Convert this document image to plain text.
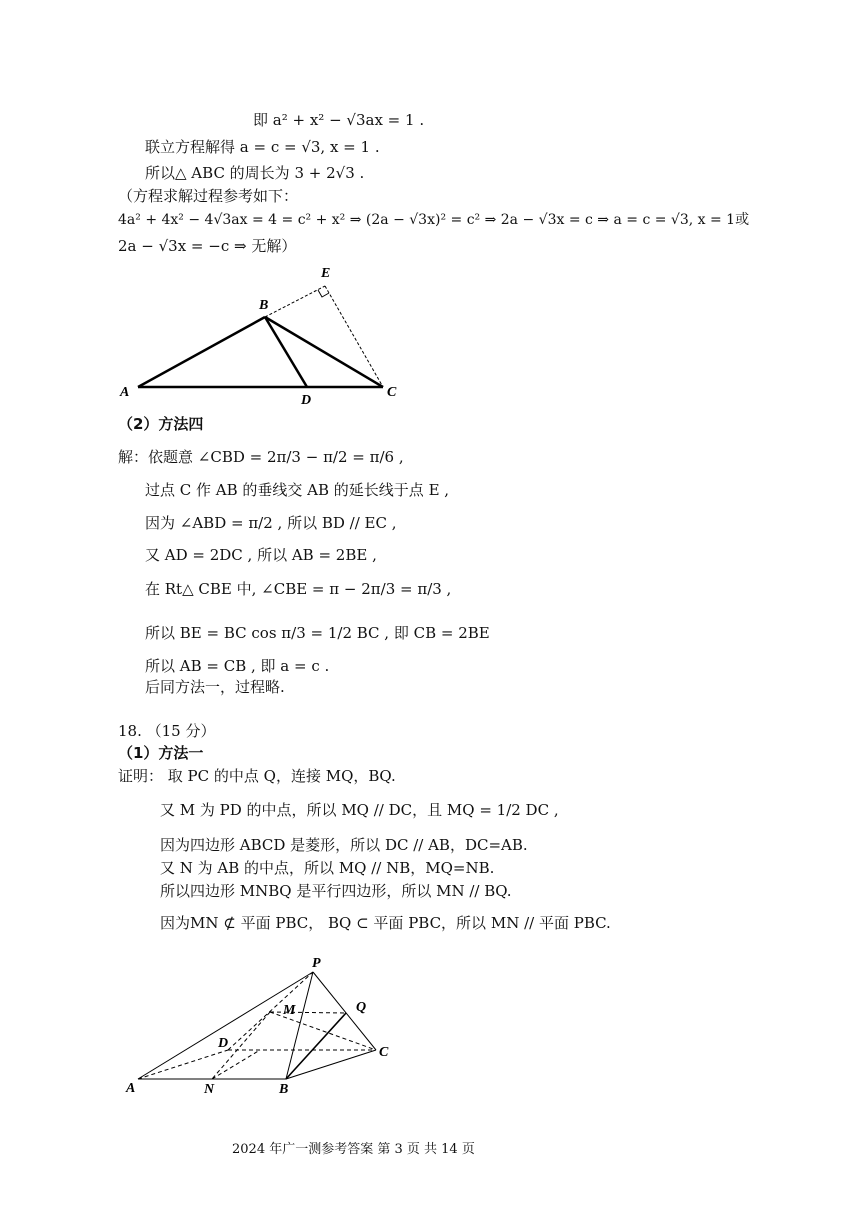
即 a² + x² − √3ax = 1 .
联立方程解得 a = c = √3, x = 1 .
所以△ ABC 的周长为 3 + 2√3 .
（方程求解过程参考如下：
4a² + 4x² − 4√3ax = 4 = c² + x² ⇒ (2a − √3x)² = c² ⇒ 2a − √3x = c ⇒ a = c = √3, x = 1或
2a − √3x = −c ⇒ 无解）
E
B
A
D
C
（2）方法四
解：依题意 ∠CBD = 2π/3 − π/2 = π/6 ,
过点 C 作 AB 的垂线交 AB 的延长线于点 E ,
因为 ∠ABD = π/2 , 所以 BD // EC ,
又 AD = 2DC , 所以 AB = 2BE ,
在 Rt△ CBE 中, ∠CBE = π − 2π/3 = π/3 ,
所以 BE = BC cos π/3 = 1/2 BC , 即 CB = 2BE
所以 AB = CB , 即 a = c .
后同方法一，过程略.
18. （15 分）
（1）方法一
证明： 取 PC 的中点 Q，连接 MQ，BQ.
又 M 为 PD 的中点，所以 MQ // DC，且 MQ = 1/2 DC ,
因为四边形 ABCD 是菱形，所以 DC // AB，DC=AB.
又 N 为 AB 的中点，所以 MQ // NB，MQ=NB.
所以四边形 MNBQ 是平行四边形，所以 MN // BQ.
因为MN ⊄ 平面 PBC， BQ ⊂ 平面 PBC，所以 MN // 平面 PBC.
P
M	Q
D
C
A	N	B
2024 年广一测参考答案 第 3 页 共 14 页
